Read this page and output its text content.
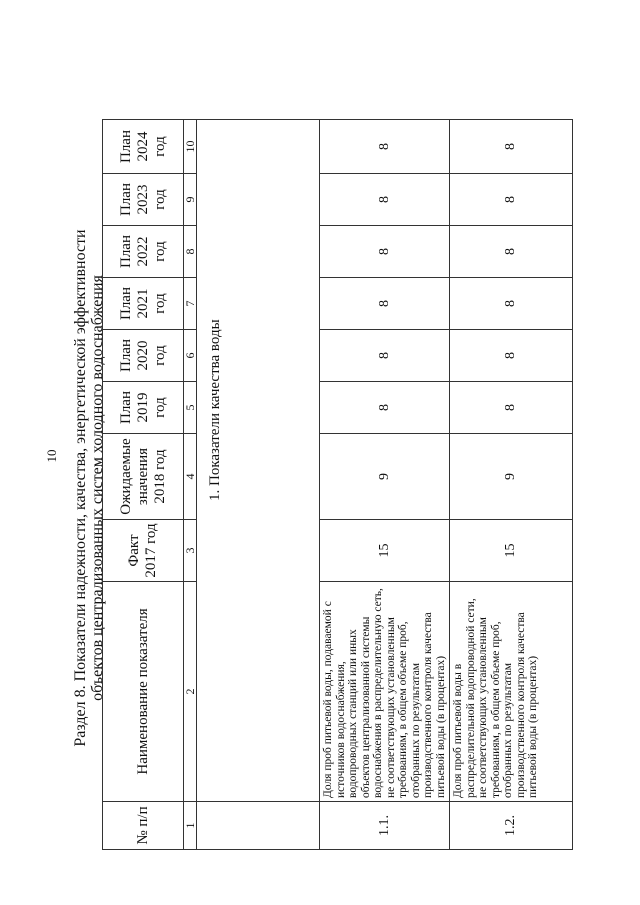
10 Раздел 8. Показатели надежности, качества, энергетической эффективности объектов централизованных систем холодного водоснабжения
№ п/п	Наименование показателя	Факт 2017 год	Ожидаемые значения 2018 год	План 2019 год	План 2020 год	План 2021 год	План 2022 год	План 2023 год	План 2024 год
1	2	3	4	5	6	7	8	9	10
	1. Показатели качества воды								
1.1.	Доля проб питьевой воды, подаваемой с источников водоснабжения, водопроводных станций или иных объектов централизованной системы водоснабжения в распределительную сеть, не соответствующих установленным требованиям, в общем объеме проб, отобранных по результатам производственного контроля качества питьевой воды (в процентах)	15	9	8	8	8	8	8	8
1.2.	Доля проб питьевой воды в распределительной водопроводной сети, не соответствующих установленным требованиям, в общем объеме проб, отобранных по результатам производственного контроля качества питьевой воды (в процентах)	15	9	8	8	8	8	8	8
